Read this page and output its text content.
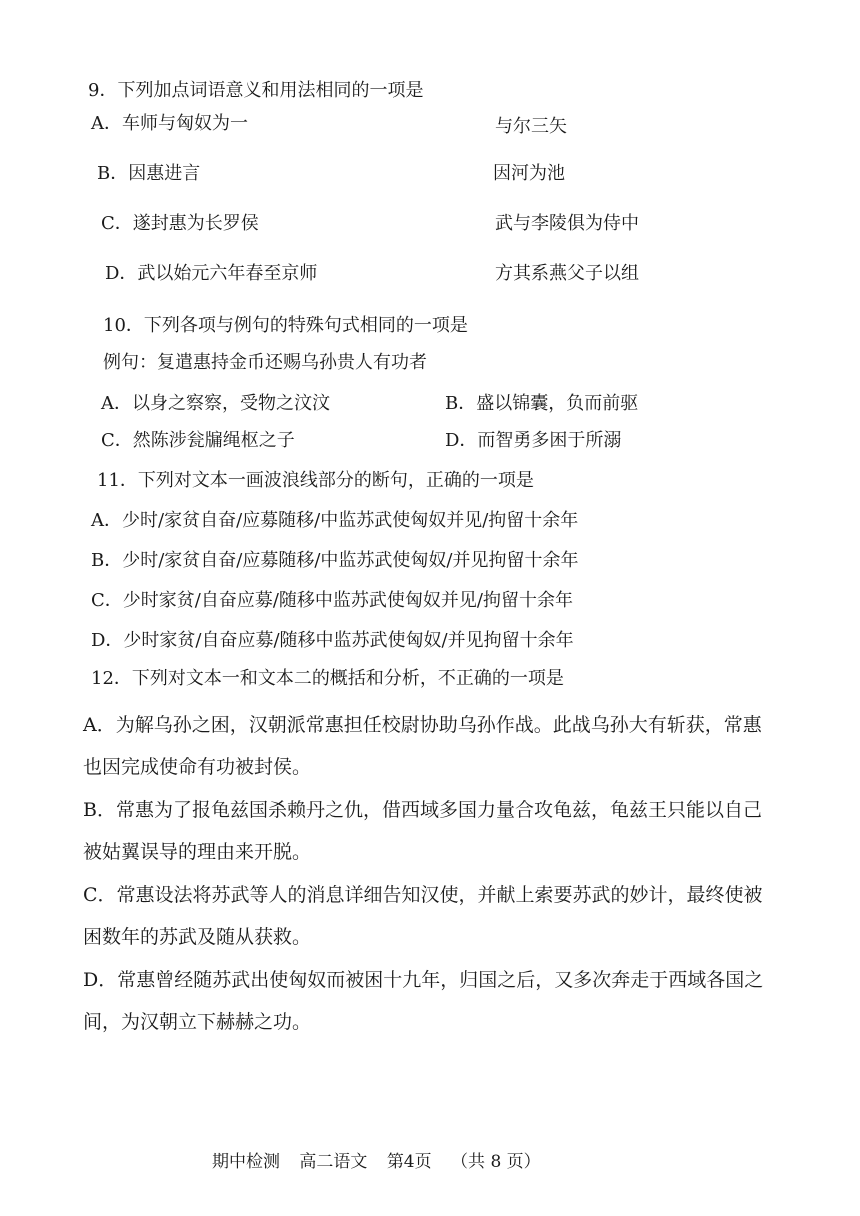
9．下列加点词语意义和用法相同的一项是
A．车师与匈奴为一	与尔三矢
B．因惠进言	因河为池
C．遂封惠为长罗侯	武与李陵俱为侍中
D．武以始元六年春至京师	方其系燕父子以组
10．下列各项与例句的特殊句式相同的一项是
例句：复遣惠持金币还赐乌孙贵人有功者
A．以身之察察，受物之汶汶	B．盛以锦囊，负而前驱
C．然陈涉瓮牖绳枢之子	D．而智勇多困于所溺
11．下列对文本一画波浪线部分的断句，正确的一项是
A．少时/家贫自奋/应募随移/中监苏武使匈奴并见/拘留十余年
B．少时/家贫自奋/应募随移/中监苏武使匈奴/并见拘留十余年
C．少时家贫/自奋应募/随移中监苏武使匈奴并见/拘留十余年
D．少时家贫/自奋应募/随移中监苏武使匈奴/并见拘留十余年
12．下列对文本一和文本二的概括和分析，不正确的一项是
A．为解乌孙之困，汉朝派常惠担任校尉协助乌孙作战。此战乌孙大有斩获，常惠
也因完成使命有功被封侯。
B．常惠为了报龟兹国杀赖丹之仇，借西域多国力量合攻龟兹，龟兹王只能以自己
被姑翼误导的理由来开脱。
C．常惠设法将苏武等人的消息详细告知汉使，并献上索要苏武的妙计，最终使被
困数年的苏武及随从获救。
D．常惠曾经随苏武出使匈奴而被困十九年，归国之后，又多次奔走于西域各国之
间，为汉朝立下赫赫之功。
期中检测 高二语文 第4页 （共 8 页）
